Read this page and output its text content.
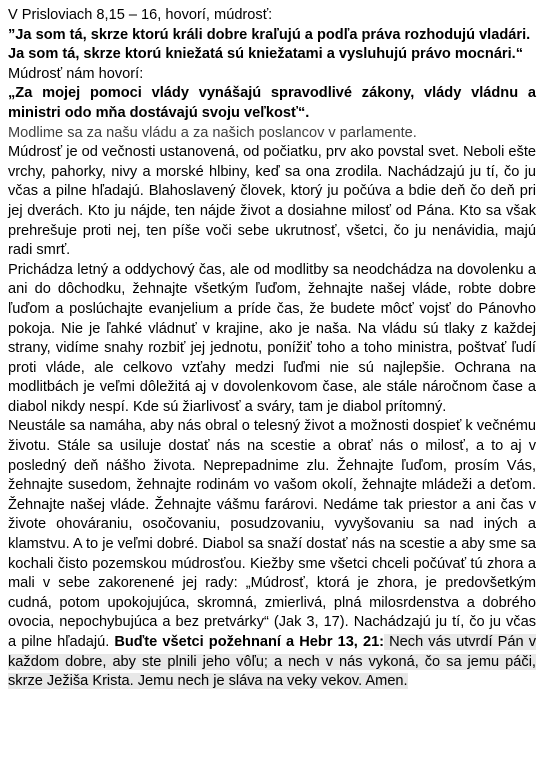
V Prisloviach 8,15 – 16, hovorí, múdrosť:

”Ja som tá, skrze ktorú králi dobre kraľujú a podľa práva rozhodujú vladári.

Ja som tá, skrze ktorú kniežatá sú kniežatami a vysluhujú právo mocnári.“

Múdrosť nám hovorí:

„Za mojej pomoci vlády vynášajú spravodlivé zákony, vlády vládnu a ministri odo mňa dostávajú svoju veľkosť“.

Modlime sa za našu vládu a za našich poslancov v parlamente.

Múdrosť je od večnosti ustanovená, od počiatku, prv ako povstal svet. Neboli ešte vrchy, pahorky, nivy a morské hlbiny, keď sa ona zrodila. Nachádzajú ju tí, čo ju včas a pilne hľadajú. Blahoslavený človek, ktorý ju počúva a bdie deň čo deň pri jej dverách. Kto ju nájde, ten nájde život a dosiahne milosť od Pána. Kto sa však prehrešuje proti nej, ten píše voči sebe ukrutnosť, všetci, čo ju nenávidia, majú radi smrť.

Prichádza letný a oddychový čas, ale od modlitby sa neodchádza na dovolenku a ani do dôchodku, žehnajte všetkým ľuďom, žehnajte našej vláde, robte dobre ľuďom a poslúchajte evanjelium a príde čas, že budete môcť vojsť do Pánovho pokoja. Nie je ľahké vládnuť v krajine, ako je naša. Na vládu sú tlaky z každej strany, vidíme snahy rozbiť jej jednotu, ponížiť toho a toho ministra, poštvať ľudí proti vláde, ale celkovo vzťahy medzi ľuďmi nie sú najlepšie. Ochrana na modlitbách je veľmi dôležitá aj v dovolenkovom čase, ale stále náročnom čase a diabol nikdy nespí. Kde sú žiarlivosť a sváry, tam je diabol prítomný.

Neustále sa namáha, aby nás obral o telesný život a možnosti dospieť k večnému životu. Stále sa usiluje dostať nás na scestie a obrať nás o milosť, a to aj v posledný deň nášho života. Neprepadnime zlu. Žehnajte ľuďom, prosím Vás, žehnajte susedom, žehnajte rodinám vo vašom okolí, žehnajte mládeži a deťom. Žehnajte našej vláde. Žehnajte vášmu farárovi. Nedáme tak priestor a ani čas v živote ohováraniu, osočovaniu, posudzovaniu, vyvyšovaniu sa nad iných a klamstvu. A to je veľmi dobré. Diabol sa snaží dostať nás na scestie a aby sme sa kochali čisto pozemskou múdrosťou. Kiežby sme všetci chceli počúvať tú zhora a mali v sebe zakorenené jej rady: „Múdrosť, ktorá je zhora, je predovšetkým cudná, potom upokojujúca, skromná, zmierlivá, plná milosrdenstva a dobrého ovocia, nepochybujúca a bez pretvárky“ (Jak 3, 17). Nachádzajú ju tí, čo ju včas a pilne hľadajú. Buďte všetci požehnaní a Hebr 13, 21: Nech vás utvrdí Pán v každom dobre, aby ste plnili jeho vôľu; a nech v nás vykoná, čo sa jemu páči, skrze Ježiša Krista. Jemu nech je sláva na veky vekov. Amen.
